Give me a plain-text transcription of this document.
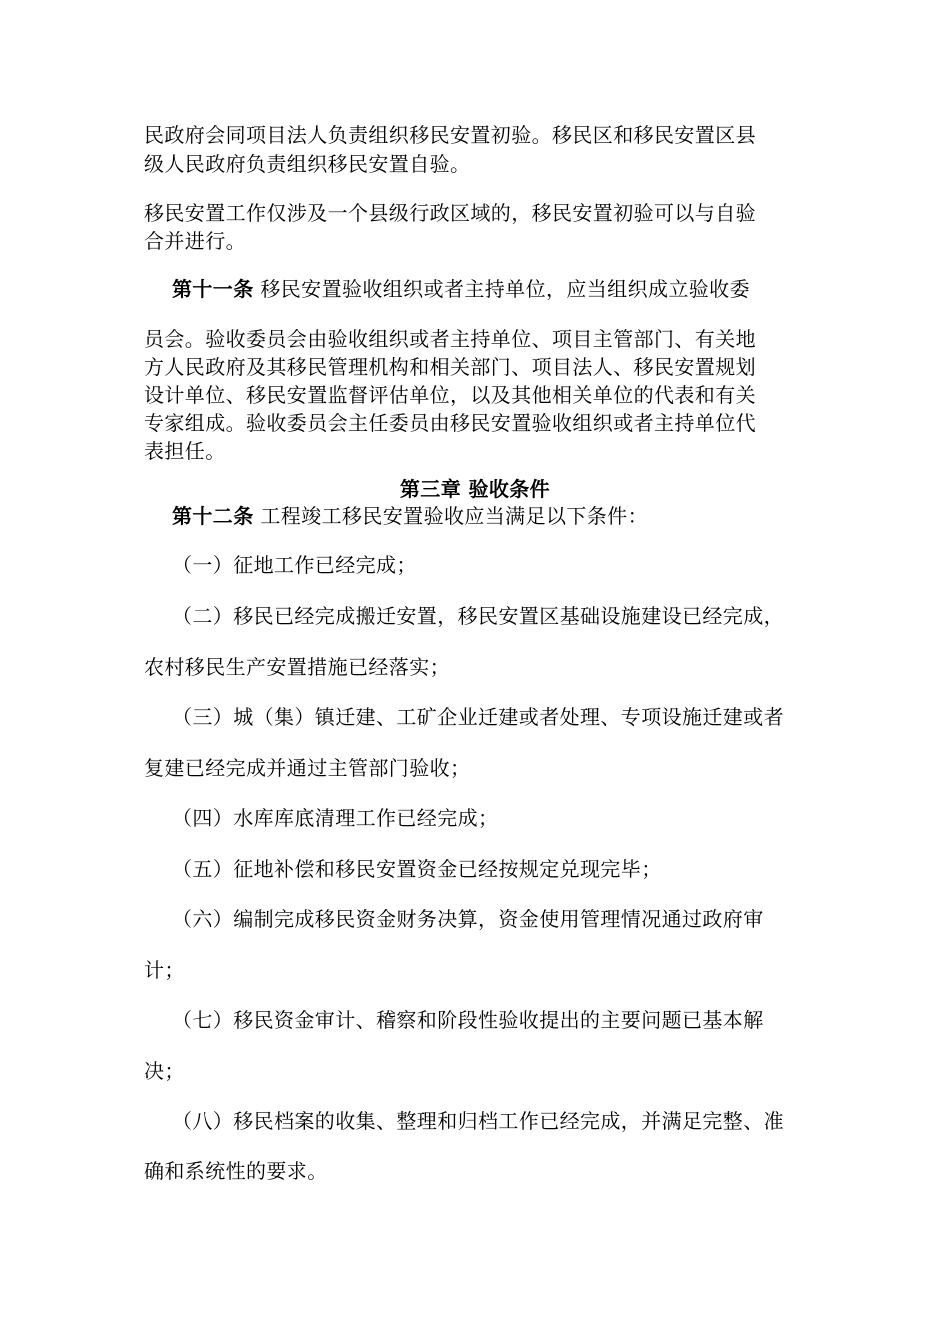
民政府会同项目法人负责组织移民安置初验。移民区和移民安置区县
级人民政府负责组织移民安置自验。
移民安置工作仅涉及一个县级行政区域的，移民安置初验可以与自验
合并进行。
第十一条 移民安置验收组织或者主持单位，应当组织成立验收委
员会。验收委员会由验收组织或者主持单位、项目主管部门、有关地
方人民政府及其移民管理机构和相关部门、项目法人、移民安置规划
设计单位、移民安置监督评估单位，以及其他相关单位的代表和有关
专家组成。验收委员会主任委员由移民安置验收组织或者主持单位代
表担任。
第三章 验收条件
第十二条 工程竣工移民安置验收应当满足以下条件：
（一）征地工作已经完成；
（二）移民已经完成搬迁安置，移民安置区基础设施建设已经完成，
农村移民生产安置措施已经落实；
（三）城（集）镇迁建、工矿企业迁建或者处理、专项设施迁建或者
复建已经完成并通过主管部门验收；
（四）水库库底清理工作已经完成；
（五）征地补偿和移民安置资金已经按规定兑现完毕；
（六）编制完成移民资金财务决算，资金使用管理情况通过政府审
计；
（七）移民资金审计、稽察和阶段性验收提出的主要问题已基本解
决；
（八）移民档案的收集、整理和归档工作已经完成，并满足完整、准
确和系统性的要求。
